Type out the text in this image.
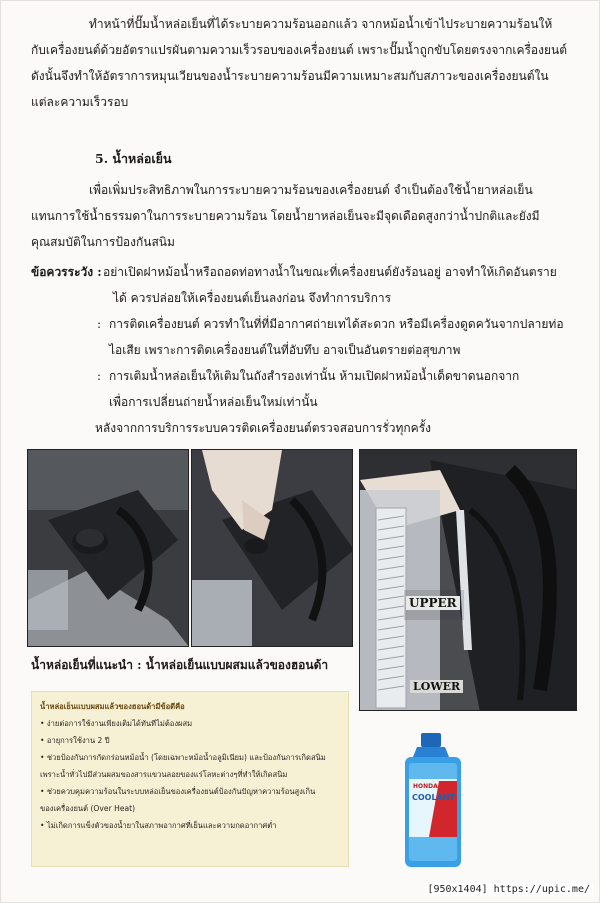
ทำหน้าที่ปั๊มน้ำหล่อเย็นที่ได้ระบายความร้อนออกแล้ว จากหม้อน้ำเข้าไประบายความร้อนให้
กับเครื่องยนต์ด้วยอัตราแปรผันตามความเร็วรอบของเครื่องยนต์ เพราะปั๊มน้ำถูกขับโดยตรงจากเครื่องยนต์
ดังนั้นจึงทำให้อัตราการหมุนเวียนของน้ำระบายความร้อนมีความเหมาะสมกับสภาวะของเครื่องยนต์ใน
แต่ละความเร็วรอบ
5. น้ำหล่อเย็น
เพื่อเพิ่มประสิทธิภาพในการระบายความร้อนของเครื่องยนต์ จำเป็นต้องใช้น้ำยาหล่อเย็น
แทนการใช้น้ำธรรมดาในการระบายความร้อน โดยน้ำยาหล่อเย็นจะมีจุดเดือดสูงกว่าน้ำปกติและยังมี
คุณสมบัติในการป้องกันสนิม
ข้อควรระวัง : อย่าเปิดฝาหม้อน้ำหรือถอดท่อทางน้ำในขณะที่เครื่องยนต์ยังร้อนอยู่ อาจทำให้เกิดอันตราย
ได้ ควรปล่อยให้เครื่องยนต์เย็นลงก่อน จึงทำการบริการ
: การติดเครื่องยนต์ ควรทำในที่ที่มีอากาศถ่ายเทได้สะดวก หรือมีเครื่องดูดควันจากปลายท่อ
ไอเสีย เพราะการติดเครื่องยนต์ในที่อับทึบ อาจเป็นอันตรายต่อสุขภาพ
: การเติมน้ำหล่อเย็นให้เติมในถังสำรองเท่านั้น ห้ามเปิดฝาหม้อน้ำเด็ดขาดนอกจาก
เพื่อการเปลี่ยนถ่ายน้ำหล่อเย็นใหม่เท่านั้น
หลังจากการบริการระบบควรติดเครื่องยนต์ตรวจสอบการรั่วทุกครั้ง
UPPER
LOWER
น้ำหล่อเย็นที่แนะนำ : น้ำหล่อเย็นแบบผสมแล้วของฮอนด้า
น้ำหล่อเย็นแบบผสมแล้วของฮอนด้ามีข้อดีคือ
• ง่ายต่อการใช้งานเพียงเติมได้ทันทีไม่ต้องผสม
• อายุการใช้งาน 2 ปี
• ช่วยป้องกันการกัดกร่อนหม้อน้ำ (โดยเฉพาะหม้อน้ำอลูมิเนียม) และป้องกันการเกิดสนิม
เพราะน้ำทั่วไปมีส่วนผสมของสารแขวนลอยของแร่โลหะต่างๆที่ทำให้เกิดสนิม
• ช่วยควบคุมความร้อนในระบบหล่อเย็นของเครื่องยนต์ป้องกันปัญหาความร้อนสูงเกิน
ของเครื่องยนต์ (Over Heat)
• ไม่เกิดการแข็งตัวของน้ำยาในสภาพอากาศที่เย็นและความกดอากาศต่ำ
HONDA
COOLANT
[950x1404] https://upic.me/
